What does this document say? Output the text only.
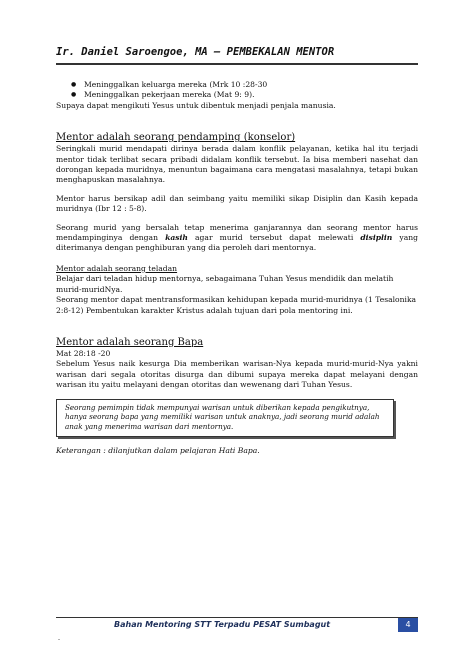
Ir. Daniel Saroengoe, MA – PEMBEKALAN MENTOR
● Meninggalkan keluarga mereka (Mrk 10 :28-30
● Meninggalkan pekerjaan mereka (Mat 9: 9).

Supaya dapat mengikuti Yesus untuk dibentuk menjadi penjala manusia.

Mentor adalah seorang pendamping (konselor)

Seringkali murid mendapati dirinya berada dalam konflik pelayanan, ketika hal itu terjadi mentor tidak terlibat secara pribadi didalam konflik tersebut. Ia bisa memberi nasehat dan dorongan kepada muridnya, menuntun bagaimana cara mengatasi masalahnya, tetapi bukan menghapuskan masalahnya.

Mentor harus bersikap adil dan seimbang yaitu memiliki sikap Disiplin dan Kasih kepada muridnya (Ibr 12 : 5-8).

Seorang murid yang bersalah tetap menerima ganjarannya dan seorang mentor harus mendampinginya dengan kasih agar murid tersebut dapat melewati disiplin yang diterimanya dengan penghiburan yang dia peroleh dari mentornya.

Mentor adalah seorang teladan

Belajar dari teladan hidup mentornya, sebagaimana Tuhan Yesus mendidik dan melatih murid-muridNya.

Seorang mentor dapat mentransformasikan kehidupan kepada murid-muridnya (1 Tesalonika 2:8-12) Pembentukan karakter Kristus adalah tujuan dari pola mentoring ini.

Mentor adalah seorang Bapa

Mat 28:18 -20

Sebelum Yesus naik kesurga Dia memberikan warisan-Nya kepada murid-murid-Nya yakni warisan dari segala otoritas disurga dan dibumi supaya mereka dapat melayani dengan warisan itu yaitu melayani dengan otoritas dan wewenang dari Tuhan Yesus.

Seorang pemimpin tidak mempunyai warisan untuk diberikan kepada pengikutnya, hanya seorang bapa yang memiliki warisan untuk anaknya, jadi seorang murid adalah anak yang menerima warisan dari mentornya.

Keterangan : dilanjutkan dalam pelajaran Hati Bapa.

Bahan Mentoring STT Terpadu PESAT Sumbagut	4
-
